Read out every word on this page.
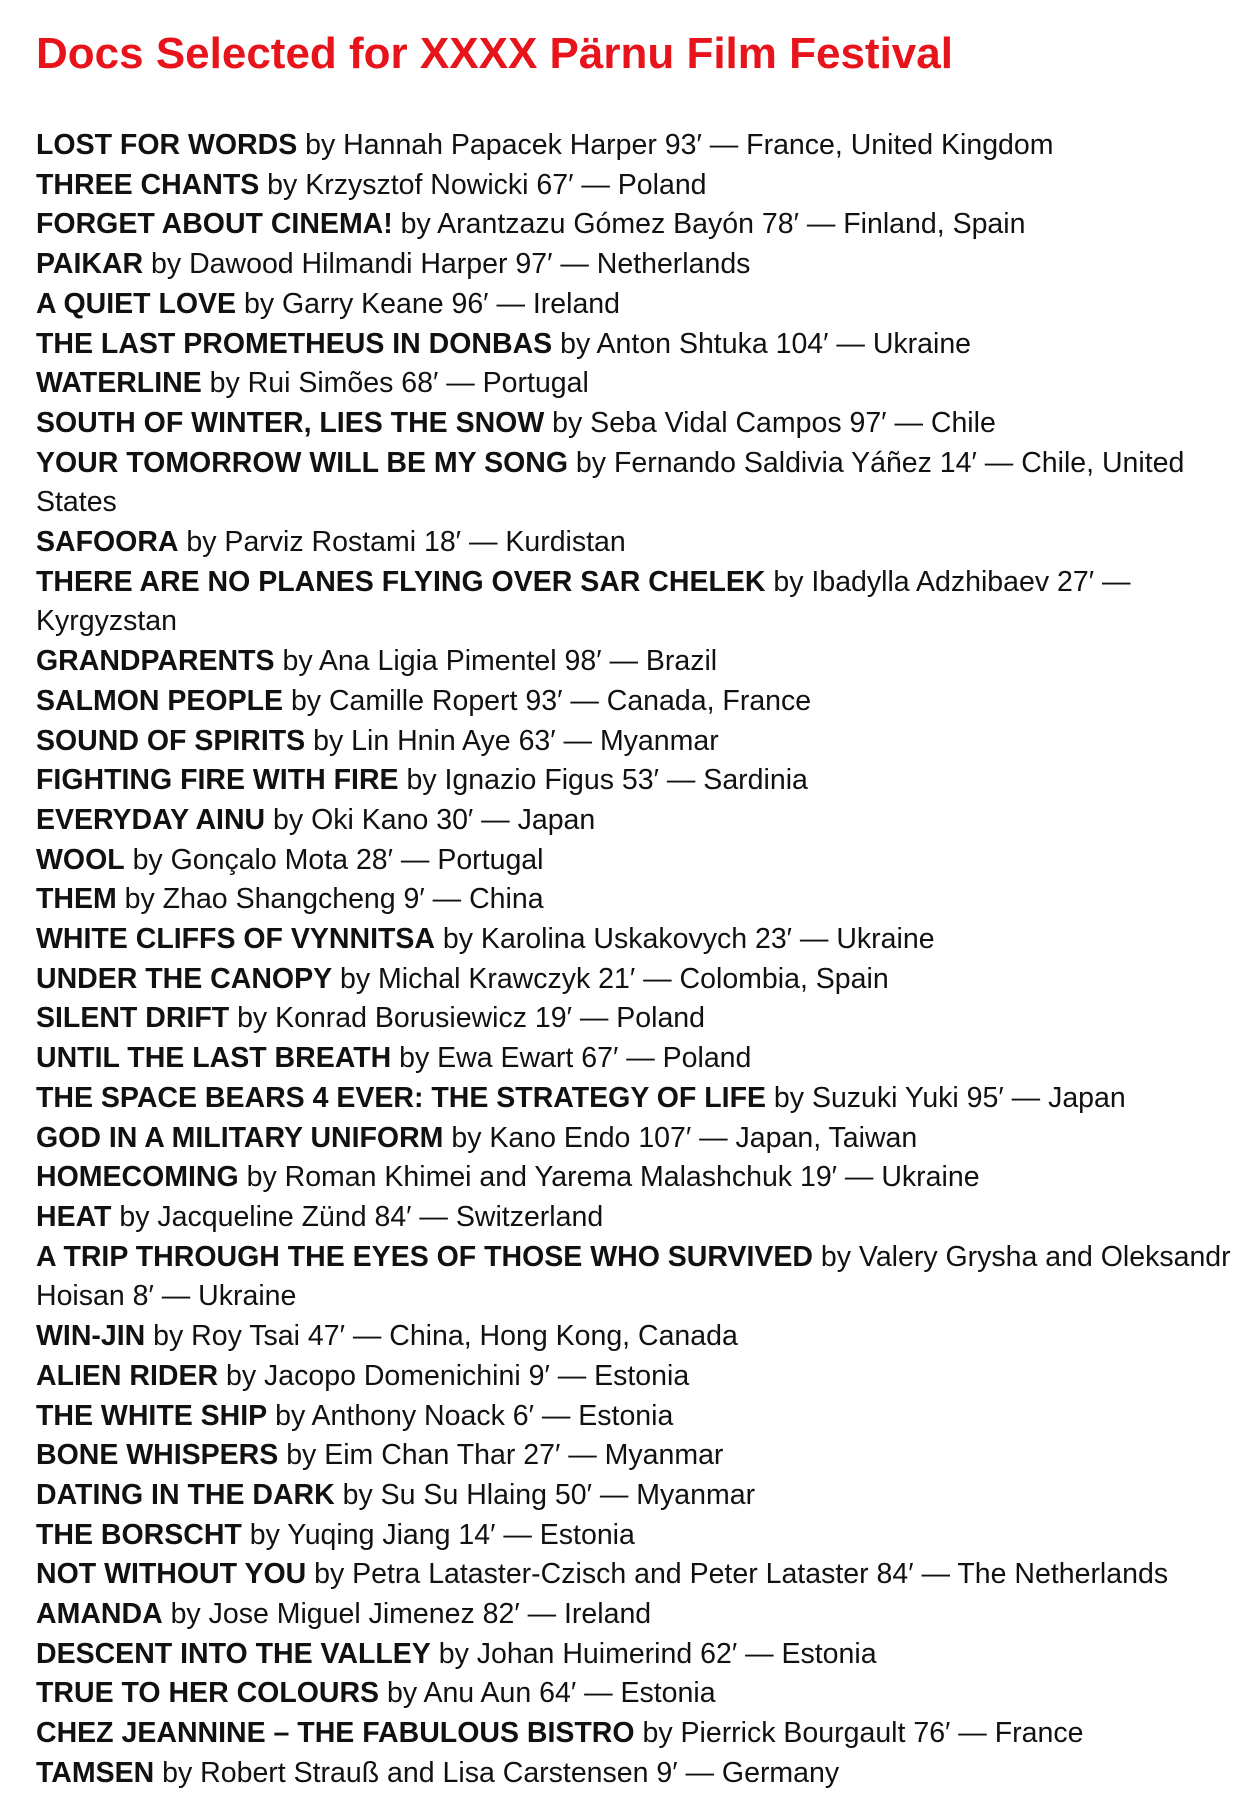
Docs Selected for XXXX Pärnu Film Festival
LOST FOR WORDS by Hannah Papacek Harper 93′ — France, United Kingdom
THREE CHANTS by Krzysztof Nowicki 67′ — Poland
FORGET ABOUT CINEMA! by Arantzazu Gómez Bayón 78′ — Finland, Spain
PAIKAR by Dawood Hilmandi Harper 97′ — Netherlands
A QUIET LOVE by Garry Keane 96′ — Ireland
THE LAST PROMETHEUS IN DONBAS by Anton Shtuka 104′ — Ukraine
WATERLINE by Rui Simões 68′ — Portugal
SOUTH OF WINTER, LIES THE SNOW by Seba Vidal Campos 97′ — Chile
YOUR TOMORROW WILL BE MY SONG by Fernando Saldivia Yáñez 14′ — Chile, United States
SAFOORA by Parviz Rostami 18′ — Kurdistan
THERE ARE NO PLANES FLYING OVER SAR CHELEK by Ibadylla Adzhibaev 27′ — Kyrgyzstan
GRANDPARENTS by Ana Ligia Pimentel 98′ — Brazil
SALMON PEOPLE by Camille Ropert 93′ — Canada, France
SOUND OF SPIRITS by Lin Hnin Aye 63′ — Myanmar
FIGHTING FIRE WITH FIRE by Ignazio Figus 53′ — Sardinia
EVERYDAY AINU by Oki Kano 30′ — Japan
WOOL by Gonçalo Mota 28′ — Portugal
THEM by Zhao Shangcheng 9′ — China
WHITE CLIFFS OF VYNNITSA by Karolina Uskakovych 23′ — Ukraine
UNDER THE CANOPY by Michal Krawczyk 21′ — Colombia, Spain
SILENT DRIFT by Konrad Borusiewicz 19′ — Poland
UNTIL THE LAST BREATH by Ewa Ewart 67′ — Poland
THE SPACE BEARS 4 EVER: THE STRATEGY OF LIFE by Suzuki Yuki 95′ — Japan
GOD IN A MILITARY UNIFORM by Kano Endo 107′ — Japan, Taiwan
HOMECOMING by Roman Khimei and Yarema Malashchuk 19′ — Ukraine
HEAT by Jacqueline Zünd 84′ — Switzerland
A TRIP THROUGH THE EYES OF THOSE WHO SURVIVED by Valery Grysha and Oleksandr Hoisan 8′ — Ukraine
WIN-JIN by Roy Tsai 47′ — China, Hong Kong, Canada
ALIEN RIDER by Jacopo Domenichini 9′ — Estonia
THE WHITE SHIP by Anthony Noack 6′ — Estonia
BONE WHISPERS by Eim Chan Thar 27′ — Myanmar
DATING IN THE DARK by Su Su Hlaing 50′ — Myanmar
THE BORSCHT by Yuqing Jiang 14′ — Estonia
NOT WITHOUT YOU by Petra Lataster-Czisch and Peter Lataster 84′ — The Netherlands
AMANDA by Jose Miguel Jimenez 82′ — Ireland
DESCENT INTO THE VALLEY by Johan Huimerind 62′ — Estonia
TRUE TO HER COLOURS by Anu Aun 64′ — Estonia
CHEZ JEANNINE – THE FABULOUS BISTRO by Pierrick Bourgault 76′ — France
TAMSEN by Robert Strauß and Lisa Carstensen 9′ — Germany
